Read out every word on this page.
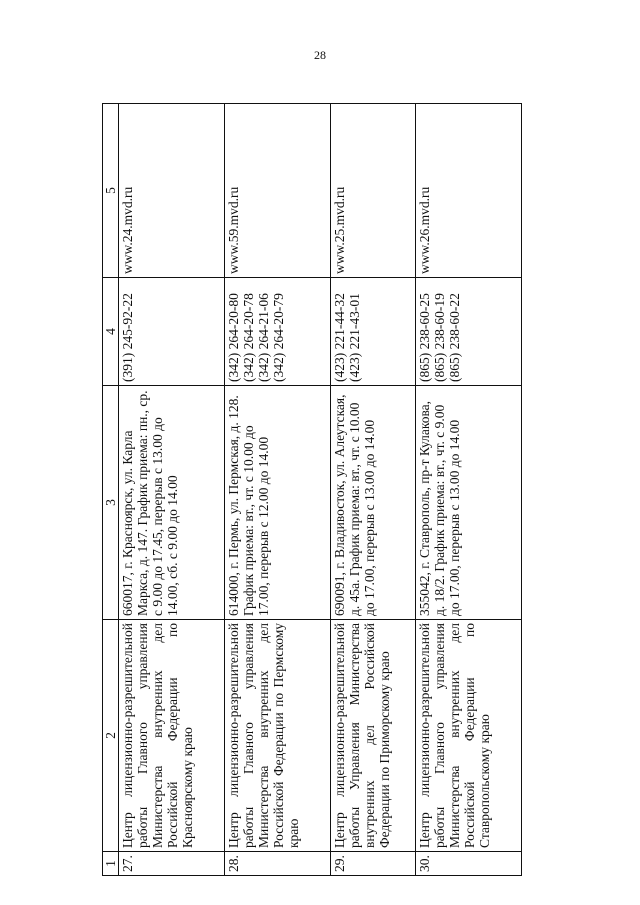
28
1	2	3	4	5
27.	Центр лицензионно-разрешительной работы Главного управления Министерства внутренних дел Российской Федерации по Красноярскому краю	660017, г. Красноярск, ул. Карла Маркса, д. 147. График приема: пн., ср. с 9.00 до 17.45, перерыв с 13.00 до 14.00, сб. с 9.00 до 14.00	(391) 245-92-22	www.24.mvd.ru
28.	Центр лицензионно-разрешительной работы Главного управления Министерства внутренних дел Российской Федерации по Пермскому краю	614000, г. Пермь, ул. Пермская, д. 128. График приема: вт., чт. с 10.00 до 17.00, перерыв с 12.00 до 14.00	(342) 264-20-80 (342) 264-20-78 (342) 264-21-06 (342) 264-20-79	www.59.mvd.ru
29.	Центр лицензионно-разрешительной работы Управления Министерства внутренних дел Российской Федерации по Приморскому краю	690091, г. Владивосток, ул. Алеутская, д. 45а. График приема: вт., чт. с 10.00 до 17.00, перерыв с 13.00 до 14.00	(423) 221-44-32 (423) 221-43-01	www.25.mvd.ru
30.	Центр лицензионно-разрешительной работы Главного управления Министерства внутренних дел Российской Федерации по Ставропольскому краю	355042, г. Ставрополь, пр-т Кулакова, д. 18/2. График приема: вт., чт. с 9.00 до 17.00, перерыв с 13.00 до 14.00	(865) 238-60-25 (865) 238-60-19 (865) 238-60-22	www.26.mvd.ru
